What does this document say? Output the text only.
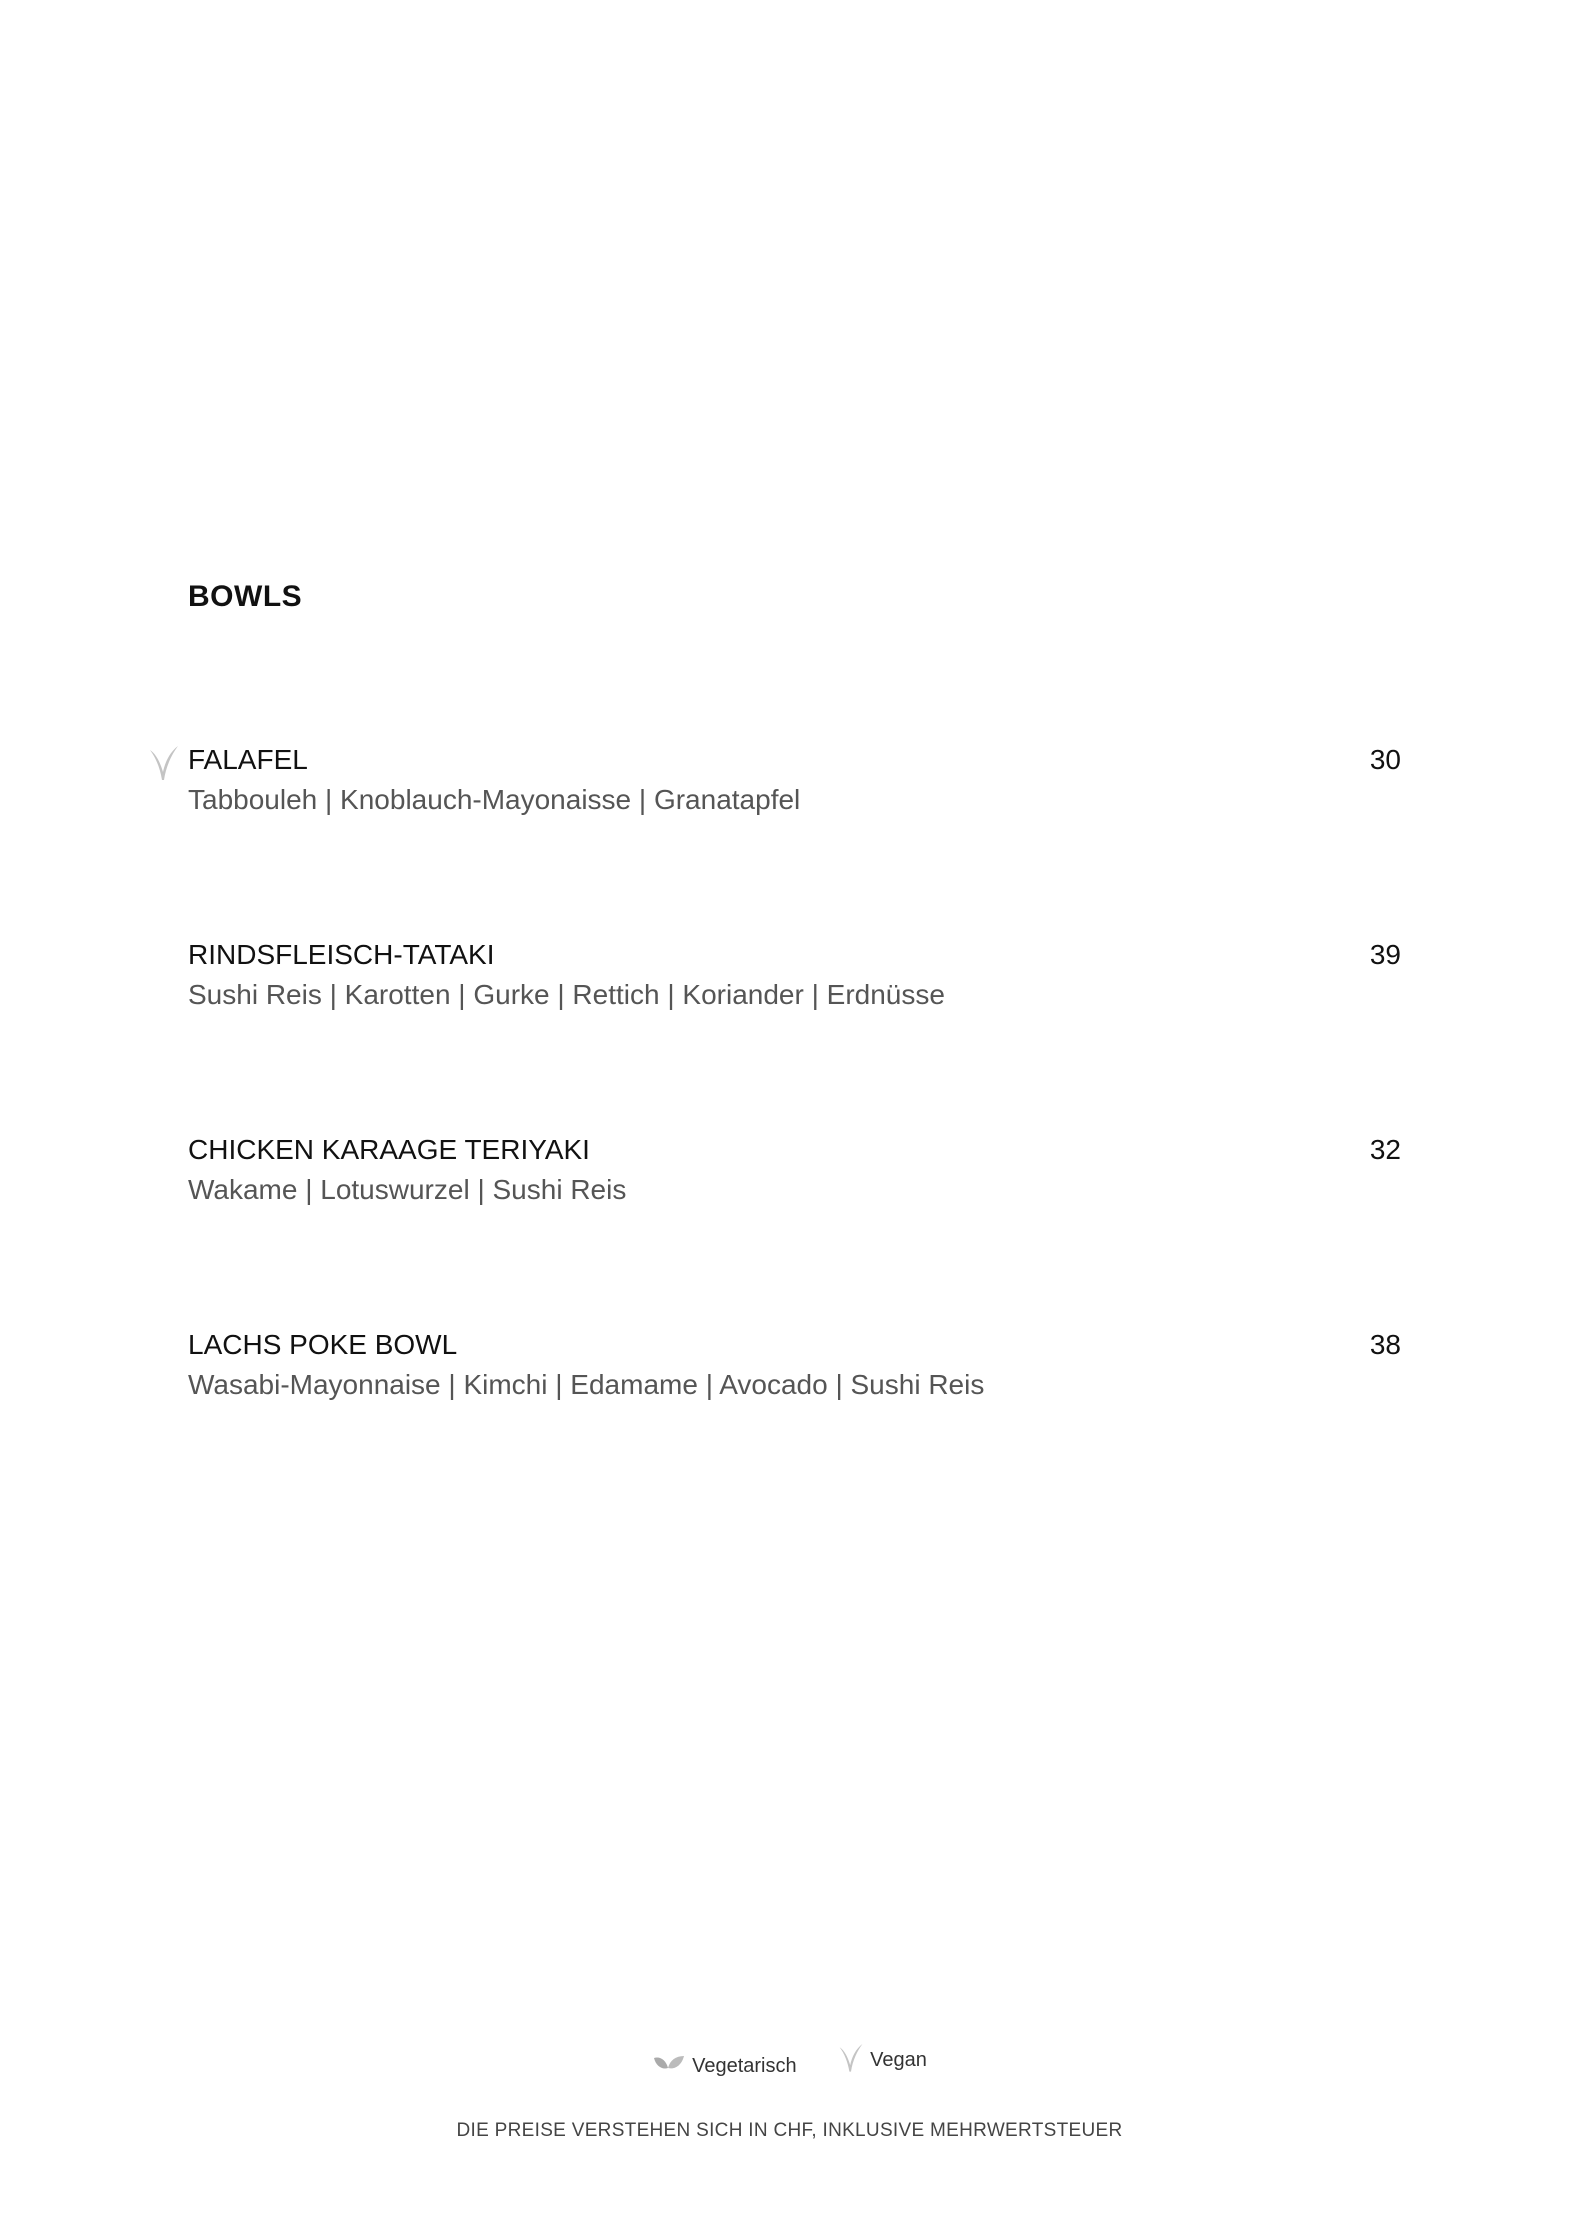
BOWLS
FALAFEL
Tabbouleh | Knoblauch-Mayonaisse | Granatapfel
30
RINDSFLEISCH-TATAKI
Sushi Reis | Karotten | Gurke | Rettich | Koriander | Erdnüsse
39
CHICKEN KARAAGE TERIYAKI
Wakame | Lotuswurzel | Sushi Reis
32
LACHS POKE BOWL
Wasabi-Mayonnaise | Kimchi | Edamame | Avocado | Sushi Reis
38
Vegetarisch
	Vegan
DIE PREISE VERSTEHEN SICH IN CHF, INKLUSIVE MEHRWERTSTEUER
